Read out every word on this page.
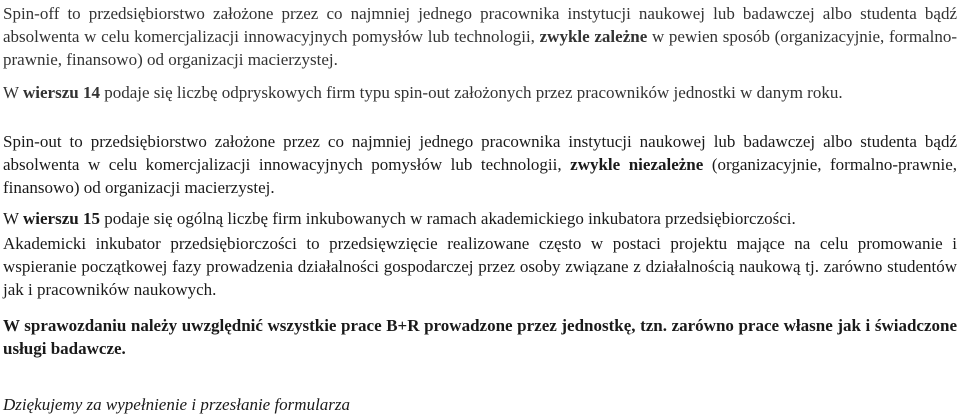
Spin-off to przedsiębiorstwo założone przez co najmniej jednego pracownika instytucji naukowej lub badawczej albo studenta bądź absolwenta w celu komercjalizacji innowacyjnych pomysłów lub technologii, zwykle zależne w pewien sposób (organizacyjnie, formalno-prawnie, finansowo) od organizacji macierzystej.

W wierszu 14 podaje się liczbę odpryskowych firm typu spin-out założonych przez pracowników jednostki w danym roku.

Spin-out to przedsiębiorstwo założone przez co najmniej jednego pracownika instytucji naukowej lub badawczej albo studenta bądź absolwenta w celu komercjalizacji innowacyjnych pomysłów lub technologii, zwykle niezależne (organizacyjnie, formalno-prawnie, finansowo) od organizacji macierzystej.

W wierszu 15 podaje się ogólną liczbę firm inkubowanych w ramach akademickiego inkubatora przedsiębiorczości.

Akademicki inkubator przedsiębiorczości to przedsięwzięcie realizowane często w postaci projektu mające na celu promowanie i wspieranie początkowej fazy prowadzenia działalności gospodarczej przez osoby związane z działalnością naukową tj. zarówno studentów jak i pracowników naukowych.

W sprawozdaniu należy uwzględnić wszystkie prace B+R prowadzone przez jednostkę, tzn. zarówno prace własne jak i świadczone usługi badawcze.

Dziękujemy za wypełnienie i przesłanie formularza
